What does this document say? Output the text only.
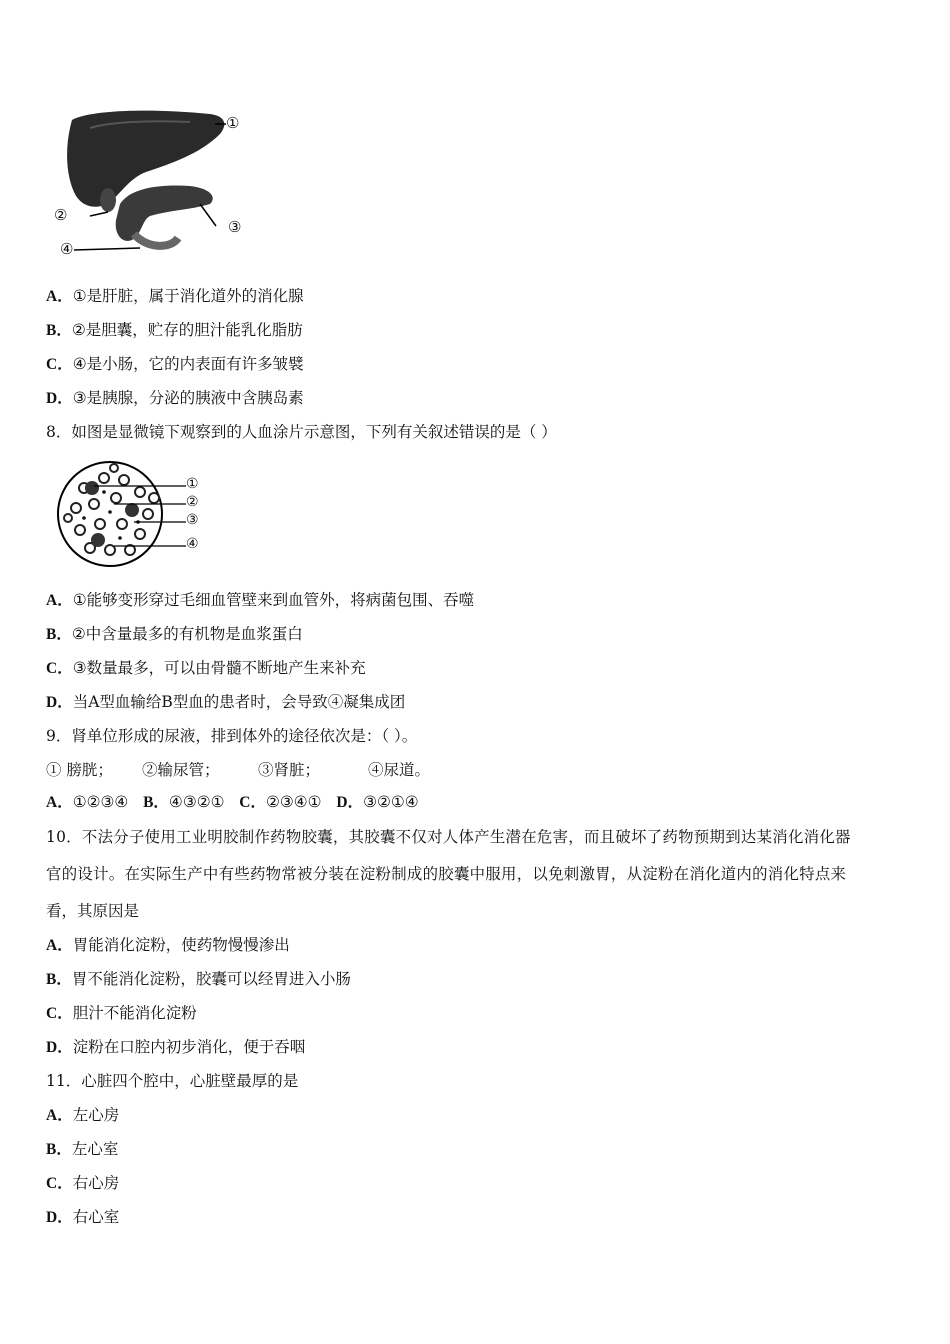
①
②
③
④
A．①是肝脏，属于消化道外的消化腺
B．②是胆囊，贮存的胆汁能乳化脂肪
C．④是小肠，它的内表面有许多皱襞
D．③是胰腺，分泌的胰液中含胰岛素
8．如图是显微镜下观察到的人血涂片示意图，下列有关叙述错误的是（ ）
①
②
③
④
A．①能够变形穿过毛细血管壁来到血管外，将病菌包围、吞噬
B．②中含量最多的有机物是血浆蛋白
C．③数量最多，可以由骨髓不断地产生来补充
D．当A型血输给B型血的患者时，会导致④凝集成团
9．肾单位形成的尿液，排到体外的途径依次是：（ ）。
① 膀胱； ②输尿管； ③肾脏；	④尿道。
A．①②③④ B．④③②① C．②③④① D．③②①④
10．不法分子使用工业明胶制作药物胶囊，其胶囊不仅对人体产生潜在危害，而且破坏了药物预期到达某消化消化器
官的设计。在实际生产中有些药物常被分装在淀粉制成的胶囊中服用，以免刺激胃，从淀粉在消化道内的消化特点来
看，其原因是
A．胃能消化淀粉，使药物慢慢渗出
B．胃不能消化淀粉，胶囊可以经胃进入小肠
C．胆汁不能消化淀粉
D．淀粉在口腔内初步消化，便于吞咽
11．心脏四个腔中，心脏壁最厚的是
A．左心房
B．左心室
C．右心房
D．右心室
